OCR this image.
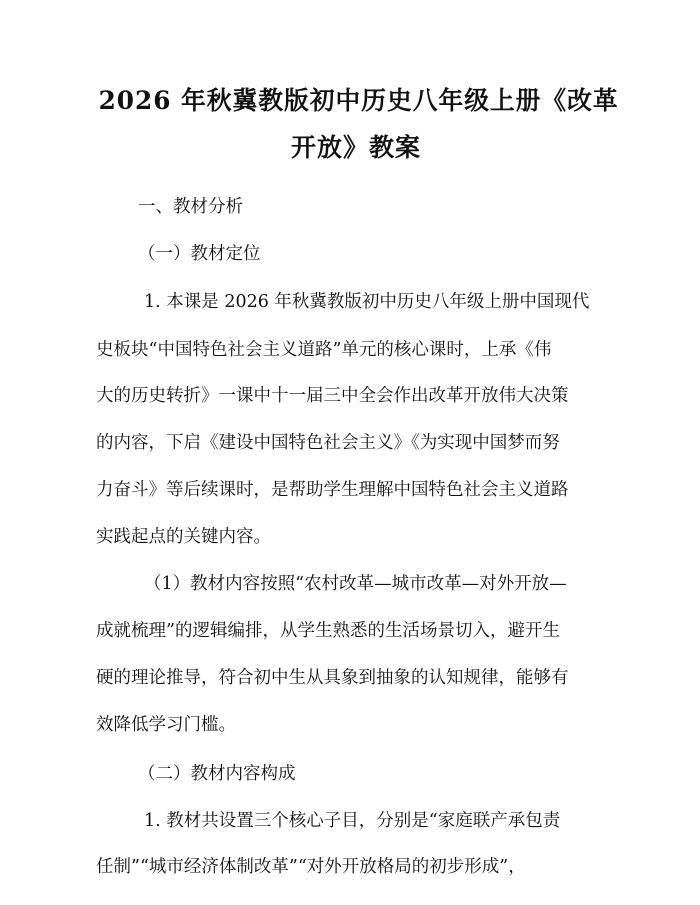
2026 年秋冀教版初中历史八年级上册《改革
开放》教案

一、教材分析

（一）教材定位

1. 本课是 2026 年秋冀教版初中历史八年级上册中国现代

史板块“中国特色社会主义道路”单元的核心课时，上承《伟

大的历史转折》一课中十一届三中全会作出改革开放伟大决策

的内容，下启《建设中国特色社会主义》《为实现中国梦而努

力奋斗》等后续课时，是帮助学生理解中国特色社会主义道路

实践起点的关键内容。

（1）教材内容按照“农村改革—城市改革—对外开放—

成就梳理”的逻辑编排，从学生熟悉的生活场景切入，避开生

硬的理论推导，符合初中生从具象到抽象的认知规律，能够有

效降低学习门槛。

（二）教材内容构成

1. 教材共设置三个核心子目，分别是“家庭联产承包责

任制”“城市经济体制改革”“对外开放格局的初步形成”，
